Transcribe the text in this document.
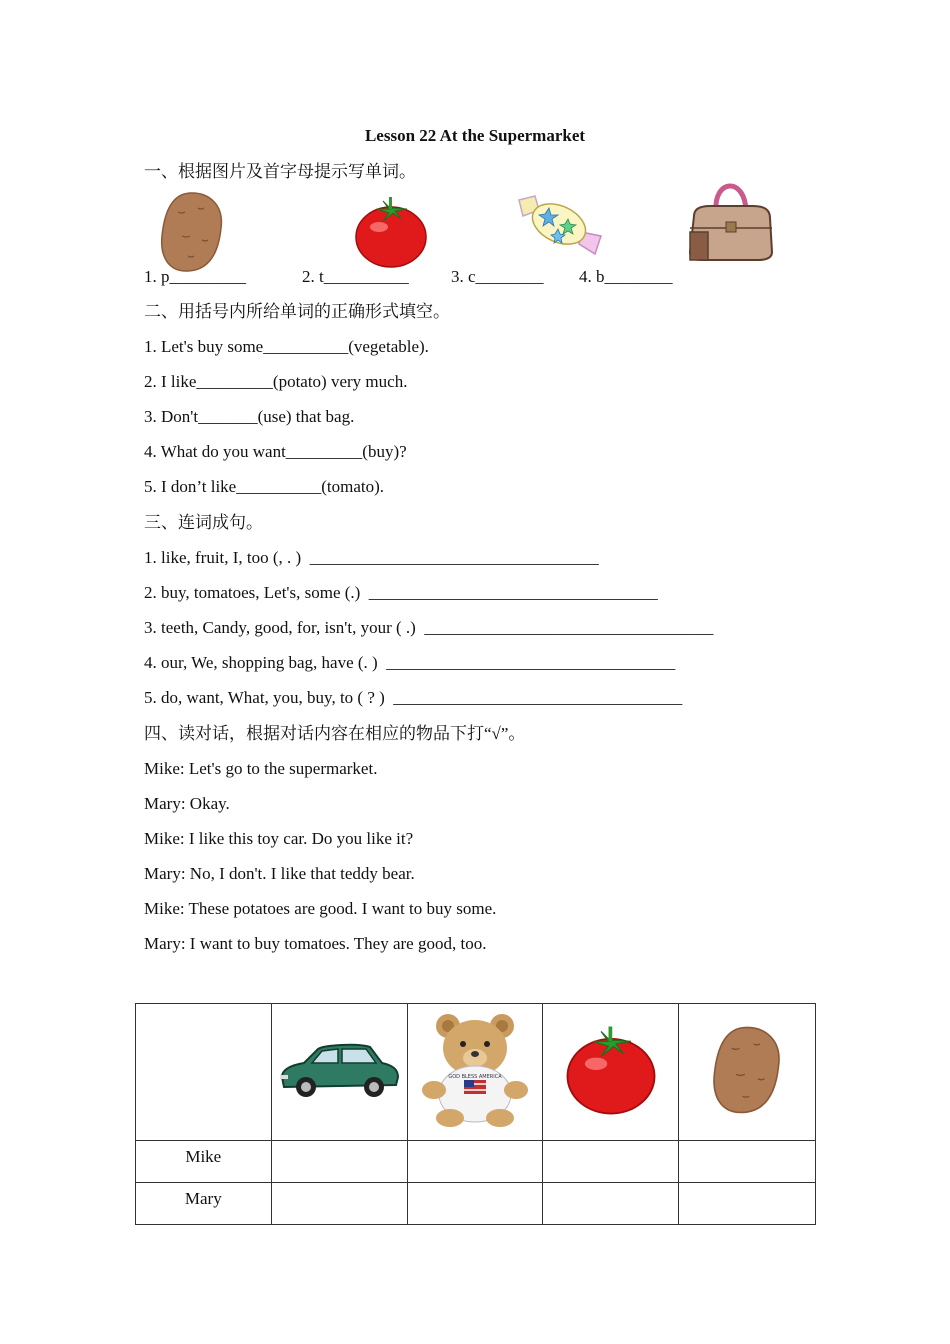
Lesson 22 At the Supermarket
一、根据图片及首字母提示写单词。
1. p_________	2. t__________ 3. c________ 4. b________
二、用括号内所给单词的正确形式填空。
1. Let's buy some__________(vegetable).
2. I like_________(potato) very much.
3. Don't_______(use) that bag.
4. What do you want_________(buy)?
5. I don’t like__________(tomato).
三、连词成句。
1. like, fruit, I, too (, . )  __________________________________
2. buy, tomatoes, Let's, some (.)  __________________________________
3. teeth, Candy, good, for, isn't, your ( .)  __________________________________
4. our, We, shopping bag, have (. )  __________________________________
5. do, want, What, you, buy, to ( ? )  __________________________________
四、读对话，根据对话内容在相应的物品下打“√”。
Mike: Let's go to the supermarket.
Mary: Okay.
Mike: I like this toy car. Do you like it?
Mary: No, I don't. I like that teddy bear.
Mike: These potatoes are good. I want to buy some.
Mary: I want to buy tomatoes. They are good, too.

GOD BLESS AMERICA

Mike				
Mary				
